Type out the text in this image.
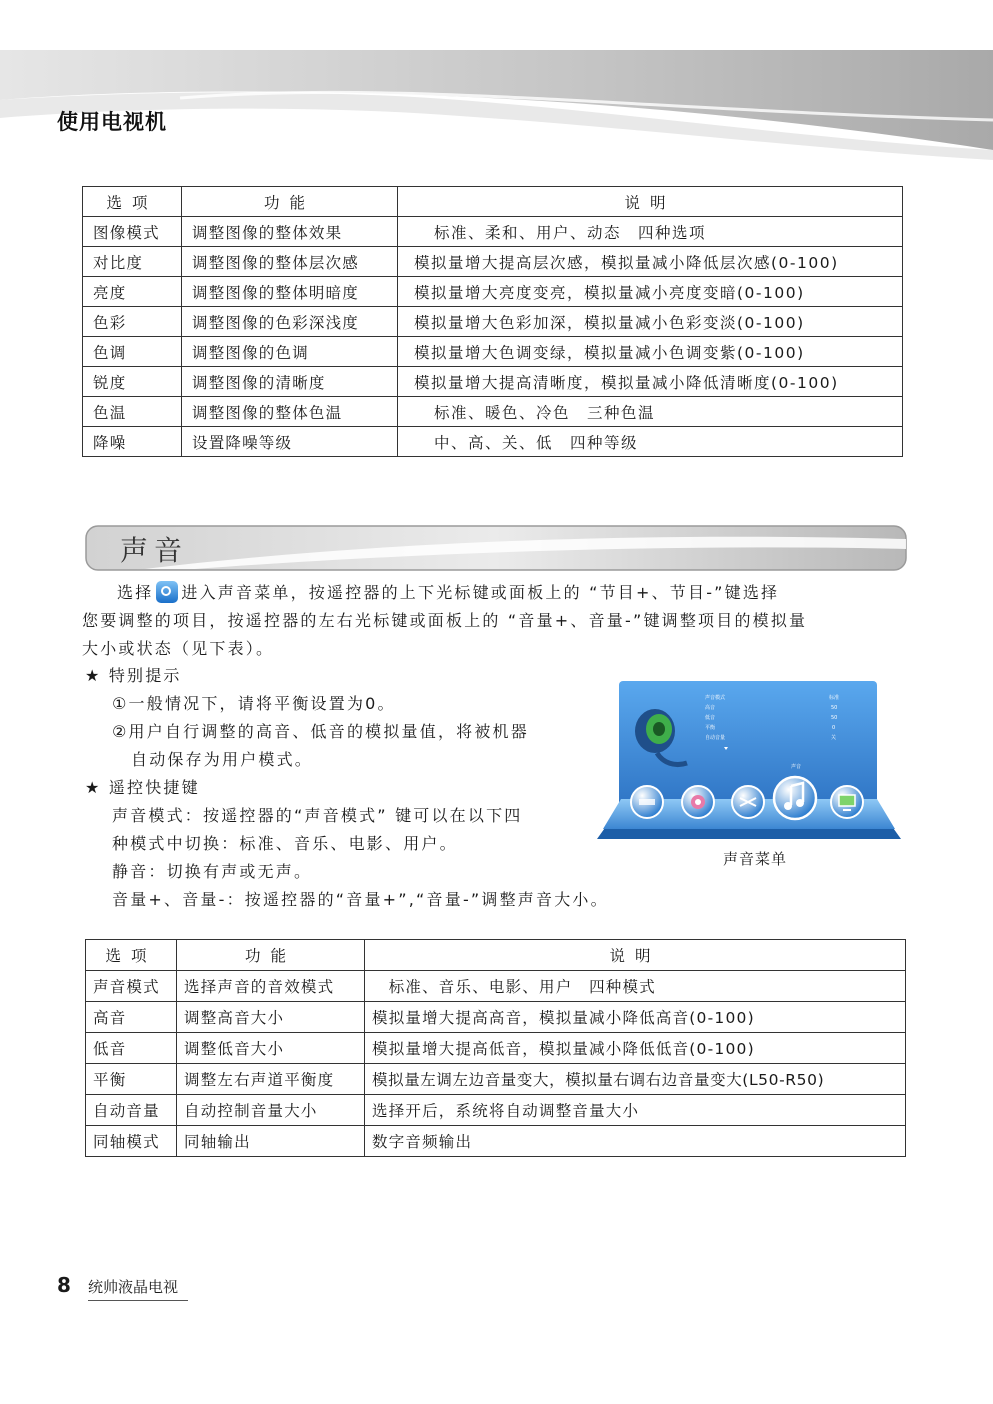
使用电视机
选项	功能	说明
图像模式	调整图像的整体效果	标准、柔和、用户、动态　四种选项
对比度	调整图像的整体层次感	模拟量增大提高层次感，模拟量减小降低层次感(0-100)
亮度	调整图像的整体明暗度	模拟量增大亮度变亮，模拟量减小亮度变暗(0-100)
色彩	调整图像的色彩深浅度	模拟量增大色彩加深，模拟量减小色彩变淡(0-100)
色调	调整图像的色调	模拟量增大色调变绿，模拟量减小色调变紫(0-100)
锐度	调整图像的清晰度	模拟量增大提高清晰度，模拟量减小降低清晰度(0-100)
色温	调整图像的整体色温	标准、暖色、冷色　三种色温
降噪	设置降噪等级	中、高、关、低　四种等级
声音
选择 进入声音菜单，按遥控器的上下光标键或面板上的 “节目+、节目-”键选择
您要调整的项目，按遥控器的左右光标键或面板上的 “音量+、音量-”键调整项目的模拟量
大小或状态（见下表）。
★ 特别提示
①一般情况下，请将平衡设置为0。
②用户自行调整的高音、低音的模拟量值，将被机器
自动保存为用户模式。
★ 遥控快捷键
声音模式：按遥控器的“声音模式” 键可以在以下四
种模式中切换：标准、音乐、电影、用户。
静音：切换有声或无声。
音量+、音量-：按遥控器的“音量+”,“音量-”调整声音大小。
声音模式
高音
低音
平衡
自动音量
标准
50
50
0
关
声音
声音菜单
选项	功能	说明
声音模式	选择声音的音效模式	　标准、音乐、电影、用户　四种模式
高音	调整高音大小	模拟量增大提高高音，模拟量减小降低高音(0-100)
低音	调整低音大小	模拟量增大提高低音，模拟量减小降低低音(0-100)
平衡	调整左右声道平衡度	模拟量左调左边音量变大，模拟量右调右边音量变大(L50-R50)
自动音量	自动控制音量大小	选择开后，系统将自动调整音量大小
同轴模式	同轴输出	数字音频输出
8 统帅液晶电视
